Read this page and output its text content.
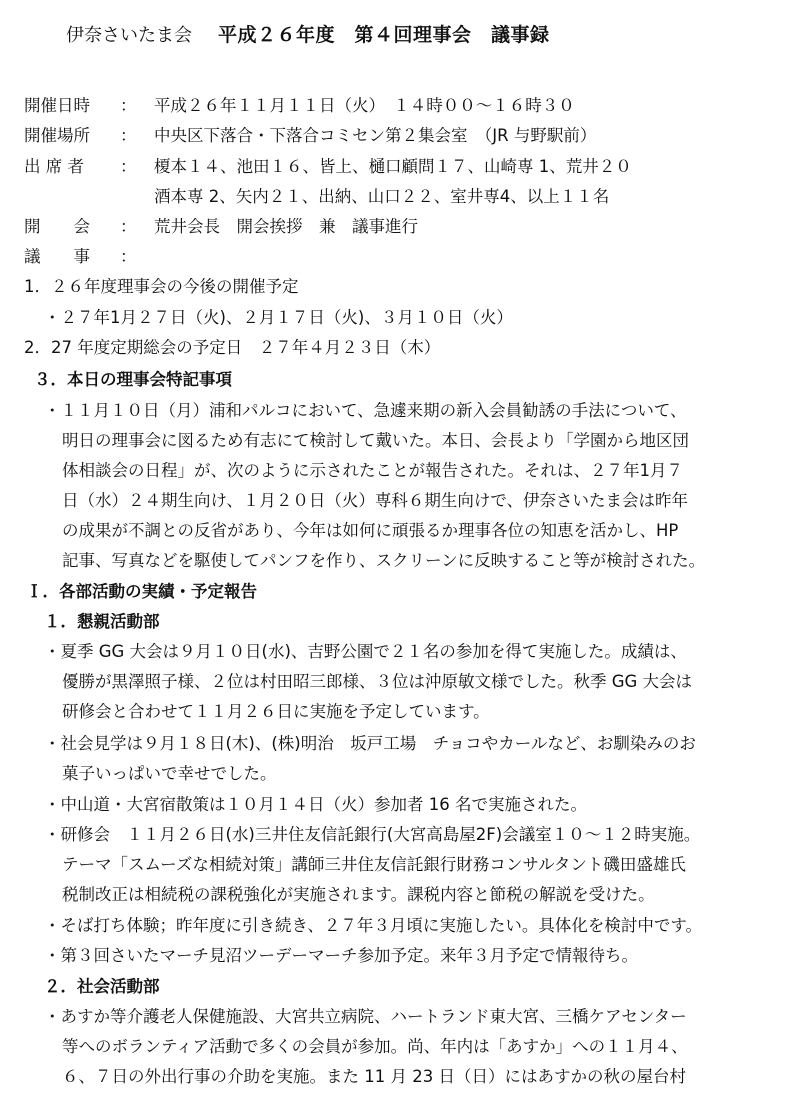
伊奈さいたま会 平成２６年度　第４回理事会　議事録
開催日時 ： 平成２６年１１月１１日（火）　１４時００～１６時３０
開催場所 ： 中央区下落合・下落合コミセン第２集会室　（JR 与野駅前）
出 席 者 ： 榎本１４、池田１６、皆上、樋口顧問１７、山崎専 1、荒井２０
酒本専 2、矢内２１、出納、山口２２、室井専4、以上１１名
開　　会 ： 荒井会長　開会挨拶　兼　議事進行
議　　事 ：
1．２６年度理事会の今後の開催予定
・２７年1月２７日（火)、２月１７日（火)、３月１０日（火）
2．27 年度定期総会の予定日　２７年４月２３日（木）
３．本日の理事会特記事項
・１１月１０日（月）浦和パルコにおいて、急遽来期の新入会員勧誘の手法について、
明日の理事会に図るため有志にて検討して戴いた。本日、会長より「学園から地区団
体相談会の日程」が、次のように示されたことが報告された。それは、２７年1月７
日（水）２４期生向け、１月２０日（火）専科６期生向けで、伊奈さいたま会は昨年
の成果が不調との反省があり、今年は如何に頑張るか理事各位の知恵を活かし、HP
記事、写真などを駆使してパンフを作り、スクリーンに反映すること等が検討された。
Ｉ．各部活動の実績・予定報告
１．懇親活動部
・夏季 GG 大会は９月１０日(水)、吉野公園で２１名の参加を得て実施した。成績は、
優勝が黒澤照子様、２位は村田昭三郎様、３位は沖原敏文様でした。秋季 GG 大会は
研修会と合わせて１１月２６日に実施を予定しています。
・社会見学は９月１８日(木)、(株)明治　坂戸工場　チョコやカールなど、お馴染みのお
菓子いっぱいで幸せでした。
・中山道・大宮宿散策は１０月１４日（火）参加者 16 名で実施された。
・研修会　１１月２６日(水)三井住友信託銀行(大宮高島屋2F)会議室１０～１２時実施。
テーマ「スムーズな相続対策」講師三井住友信託銀行財務コンサルタント磯田盛雄氏
税制改正は相続税の課税強化が実施されます。課税内容と節税の解説を受けた。
・そば打ち体験；昨年度に引き続き、２７年３月頃に実施したい。具体化を検討中です。
・第３回さいたマーチ見沼ツーデーマーチ参加予定。来年３月予定で情報待ち。
２．社会活動部
・あすか等介護老人保健施設、大宮共立病院、ハートランド東大宮、三橋ケアセンター
等へのボランティア活動で多くの会員が参加。尚、年内は「あすか」への１１月４、
６、７日の外出行事の介助を実施。また 11 月 23 日（日）にはあすかの秋の屋台村
